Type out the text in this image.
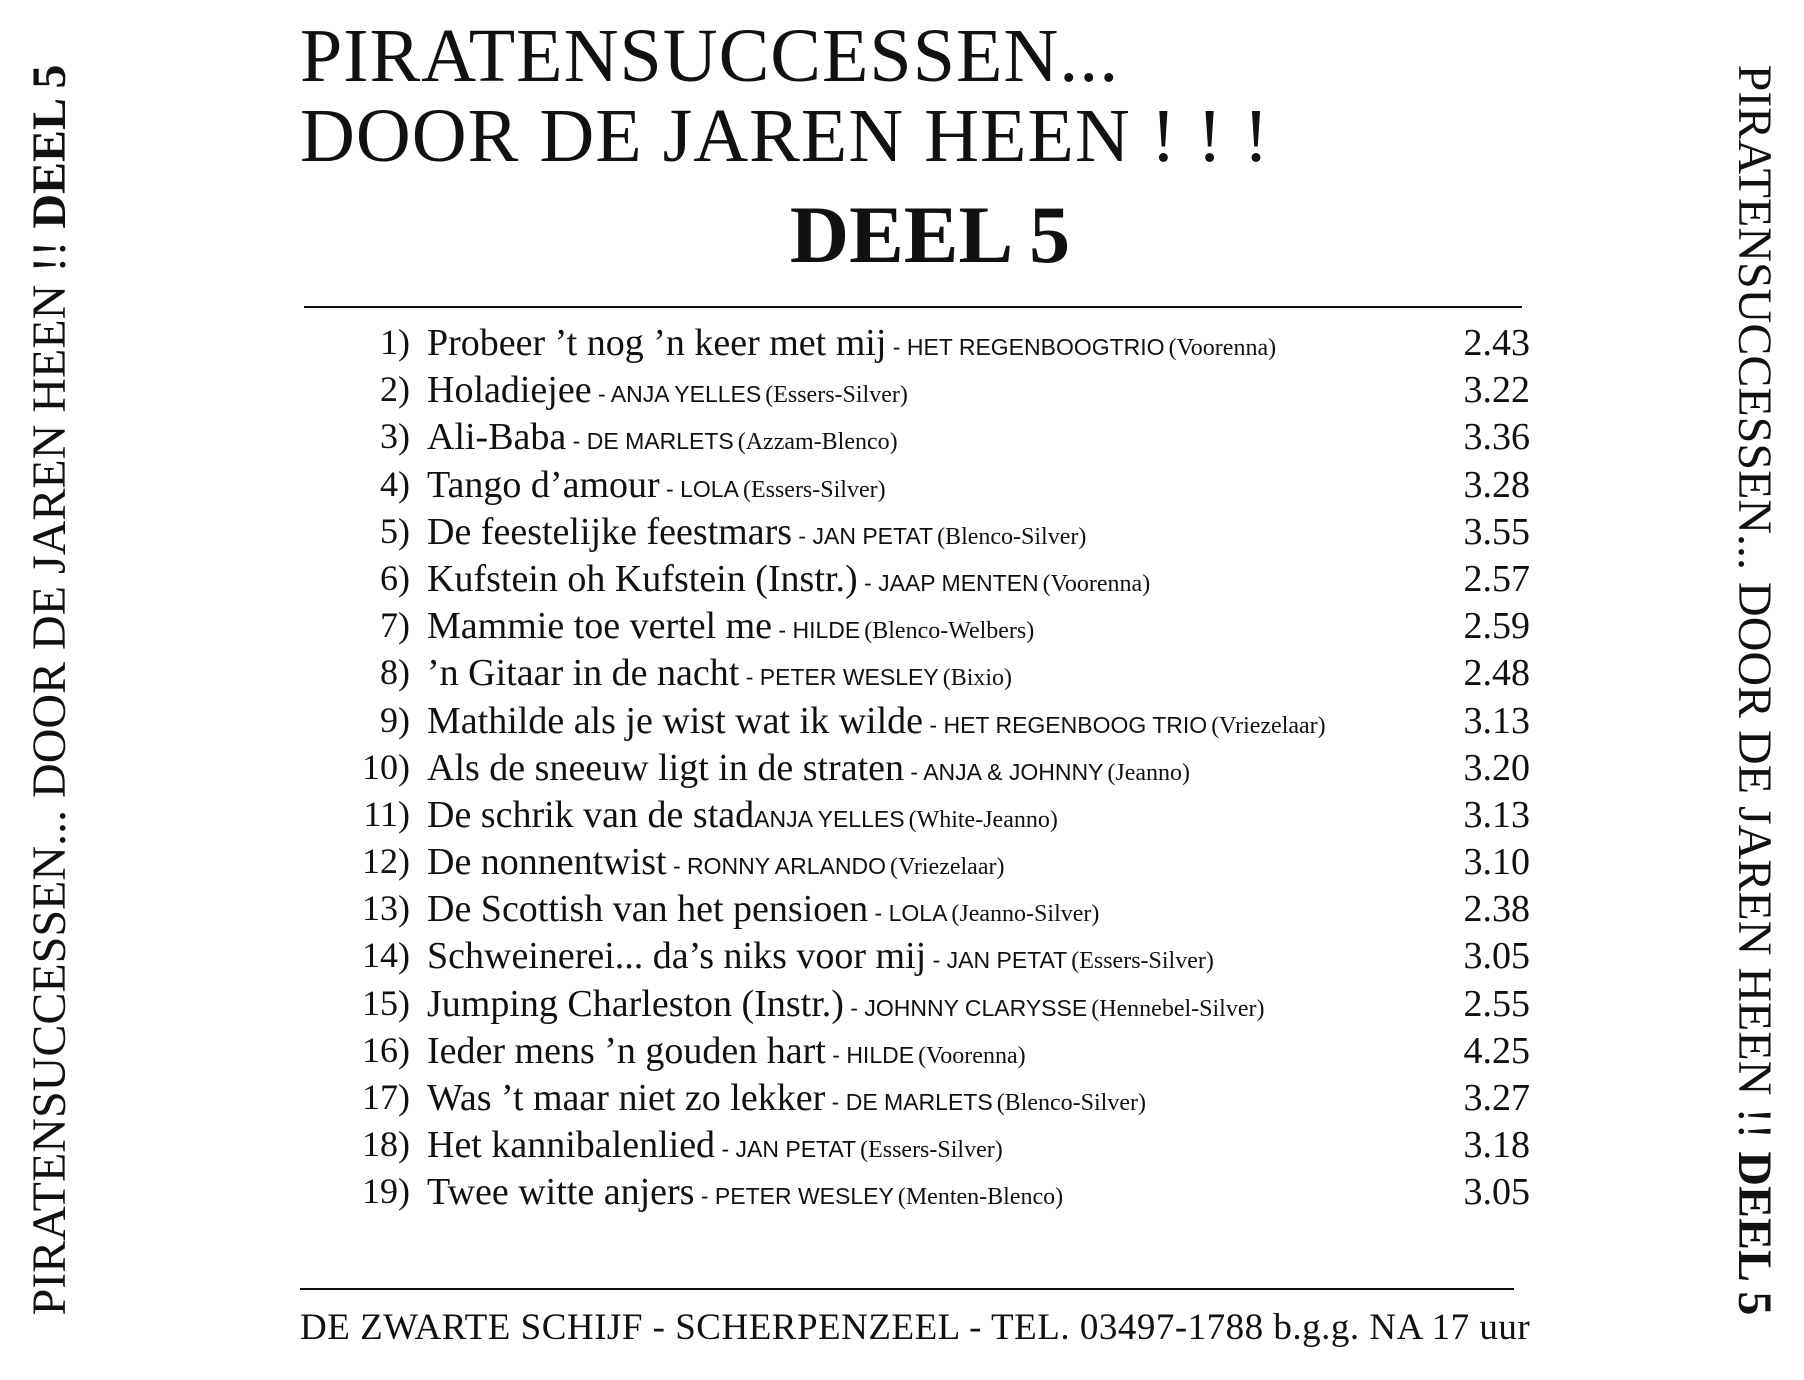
PIRATENSUCCESSEN... DOOR DE JAREN HEEN !! DEEL 5	PIRATENSUCCESSEN... DOOR DE JAREN HEEN !! DEEL 5
PIRATENSUCCESSEN...
DOOR DE JAREN HEEN ! ! !
DEEL 5
1) Probeer ’t nog ’n keer met mij - HET REGENBOOGTRIO (Voorenna)	2.43
2) Holadiejee - ANJA YELLES (Essers-Silver)	3.22
3) Ali-Baba - DE MARLETS (Azzam-Blenco)	3.36
4) Tango d’amour - LOLA (Essers-Silver)	3.28
5) De feestelijke feestmars - JAN PETAT (Blenco-Silver)	3.55
6) Kufstein oh Kufstein (Instr.) - JAAP MENTEN (Voorenna)	2.57
7) Mammie toe vertel me - HILDE (Blenco-Welbers)	2.59
8) ’n Gitaar in de nacht - PETER WESLEY (Bixio)	2.48
9) Mathilde als je wist wat ik wilde - HET REGENBOOG TRIO (Vriezelaar)	3.13
10) Als de sneeuw ligt in de straten - ANJA & JOHNNY (Jeanno)	3.20
11) De schrik van de stadANJA YELLES (White-Jeanno)	3.13
12) De nonnentwist - RONNY ARLANDO (Vriezelaar)	3.10
13) De Scottish van het pensioen - LOLA (Jeanno-Silver)	2.38
14) Schweinerei... da’s niks voor mij - JAN PETAT (Essers-Silver)	3.05
15) Jumping Charleston (Instr.) - JOHNNY CLARYSSE (Hennebel-Silver)	2.55
16) Ieder mens ’n gouden hart - HILDE (Voorenna)	4.25
17) Was ’t maar niet zo lekker - DE MARLETS (Blenco-Silver)	3.27
18) Het kannibalenlied - JAN PETAT (Essers-Silver)	3.18
19) Twee witte anjers - PETER WESLEY (Menten-Blenco)	3.05
DE ZWARTE SCHIJF - SCHERPENZEEL - TEL. 03497-1788 b.g.g. NA 17 uur
